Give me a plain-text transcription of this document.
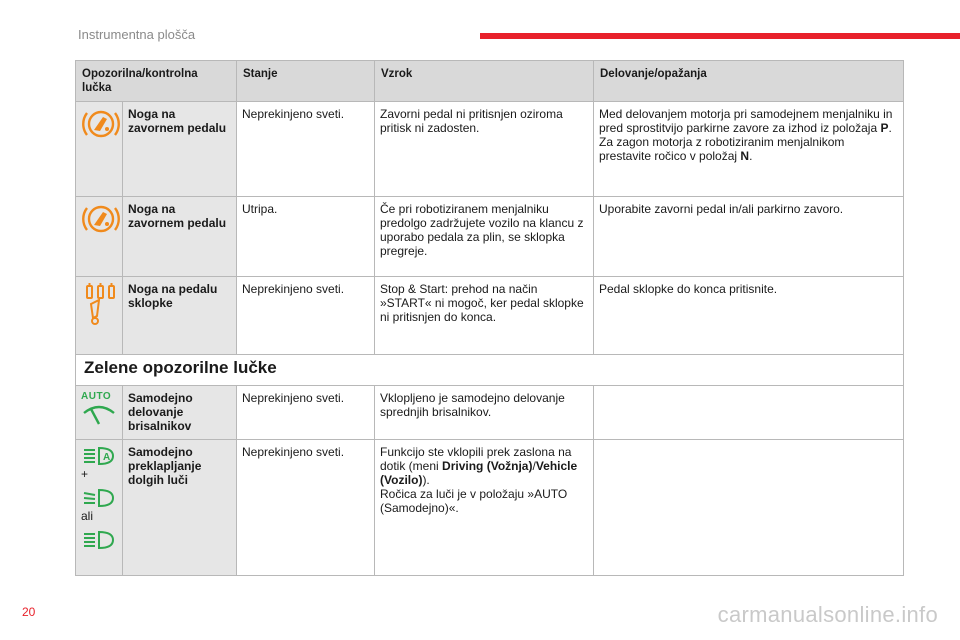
Instrumentna plošča
Opozorilna/kontrolna lučka		Stanje	Vzrok	Delovanje/opažanja

	Noga na zavornem pedalu	Neprekinjeno sveti.	Zavorni pedal ni pritisnjen oziroma pritisk ni zadosten.	Med delovanjem motorja pri samodejnem menjalniku in pred sprostitvijo parkirne zavore za izhod iz položaja P.
Za zagon motorja z robotiziranim menjalnikom prestavite ročico v položaj N.

	Noga na zavornem pedalu	Utripa.	Če pri robotiziranem menjalniku predolgo zadržujete vozilo na klancu z uporabo pedala za plin, se sklopka pregreje.	Uporabite zavorni pedal in/ali parkirno zavoro.

	Noga na pedalu sklopke	Neprekinjeno sveti.	Stop & Start: prehod na način »START« ni mogoč, ker pedal sklopke ni pritisnjen do konca.	Pedal sklopke do konca pritisnite.
Zelene opozorilne lučke				

AUTO	Samodejno delovanje brisalnikov	Neprekinjeno sveti.	Vklopljeno je samodejno delovanje sprednjih brisalnikov.	

A
+
ali	Samodejno preklapljanje dolgih luči	Neprekinjeno sveti.	Funkcijo ste vklopili prek zaslona na dotik (meni Driving (Vožnja)/Vehicle (Vozilo)).
Ročica za luči je v položaju »AUTO (Samodejno)«.	
20	carmanualsonline.info
